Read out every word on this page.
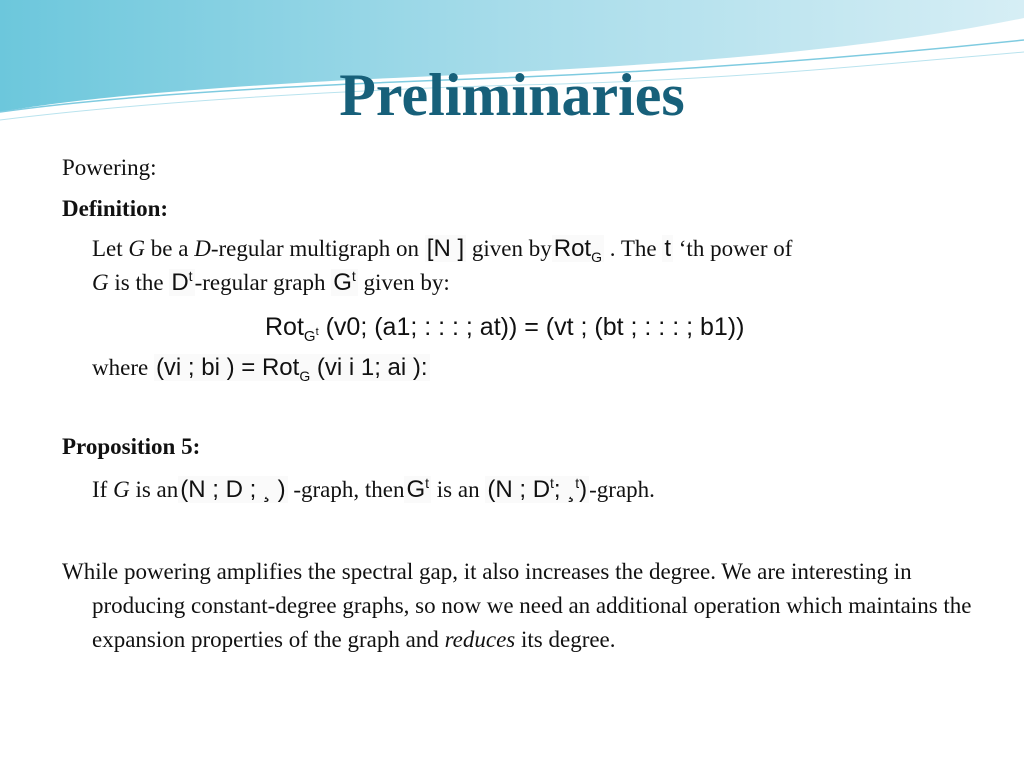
Preliminaries
Powering:
Definition:
Let G be a D-regular multigraph on [N ] given byRot$_G$ . The t ‘th power of
G is the $D^t$-regular graph $G^t$ given by:
Rot$_{G^t}$ (v0; (a1; : : : ; at)) = (vt ; (bt ; : : : ; b1))
where (vi ; bi ) = Rot$_G$ (vi i 1; ai ):
Proposition 5:
If G is an(N ; D ; ¸ ) -graph, thenG$^t$ is an (N ; $D^t$; ¸$^t$)-graph.
While powering amplifies the spectral gap, it also increases the degree. We are interesting in producing constant-degree graphs, so now we need an additional operation which maintains the expansion properties of the graph and reduces its degree.
